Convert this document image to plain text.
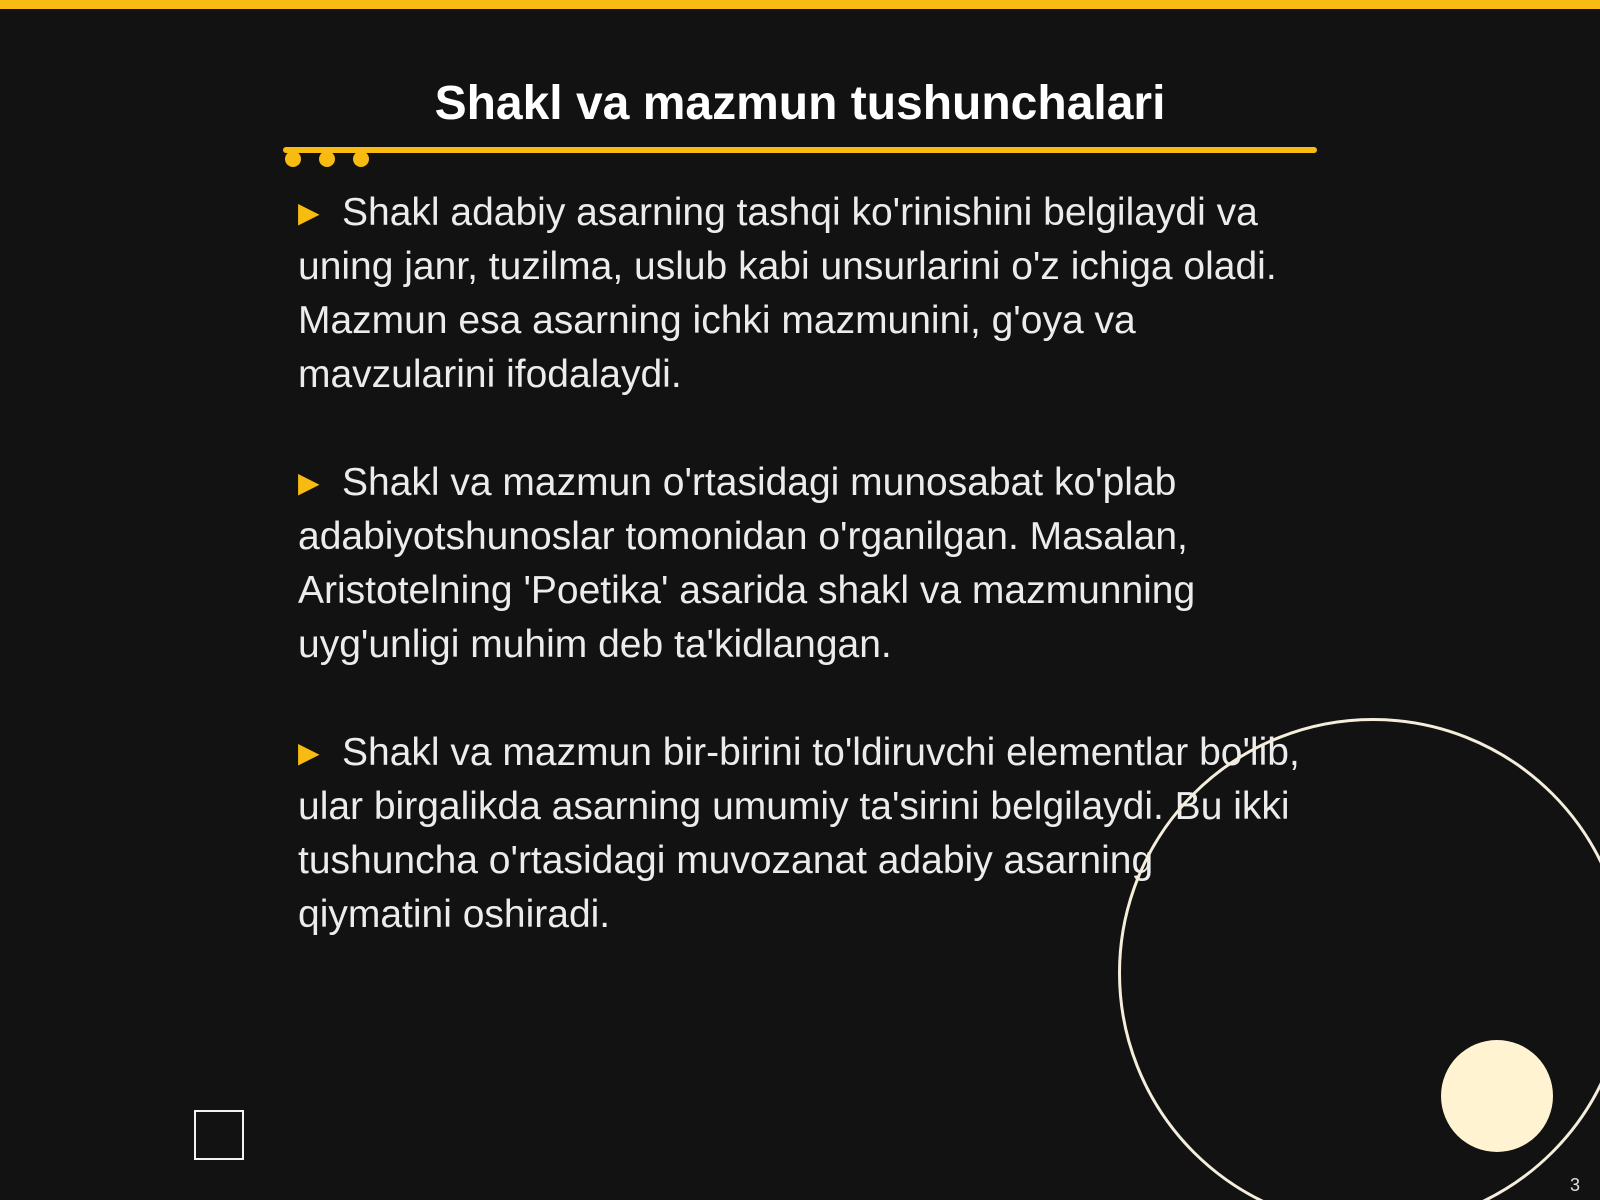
Shakl va mazmun tushunchalari

▶ Shakl adabiy asarning tashqi ko'rinishini belgilaydi va uning janr, tuzilma, uslub kabi unsurlarini o'z ichiga oladi. Mazmun esa asarning ichki mazmunini, g'oya va mavzularini ifodalaydi.

▶ Shakl va mazmun o'rtasidagi munosabat ko'plab adabiyotshunoslar tomonidan o'rganilgan. Masalan, Aristotelning 'Poetika' asarida shakl va mazmunning uyg'unligi muhim deb ta'kidlangan.

▶ Shakl va mazmun bir-birini to'ldiruvchi elementlar bo'lib, ular birgalikda asarning umumiy ta'sirini belgilaydi. Bu ikki tushuncha o'rtasidagi muvozanat adabiy asarning qiymatini oshiradi.

3
